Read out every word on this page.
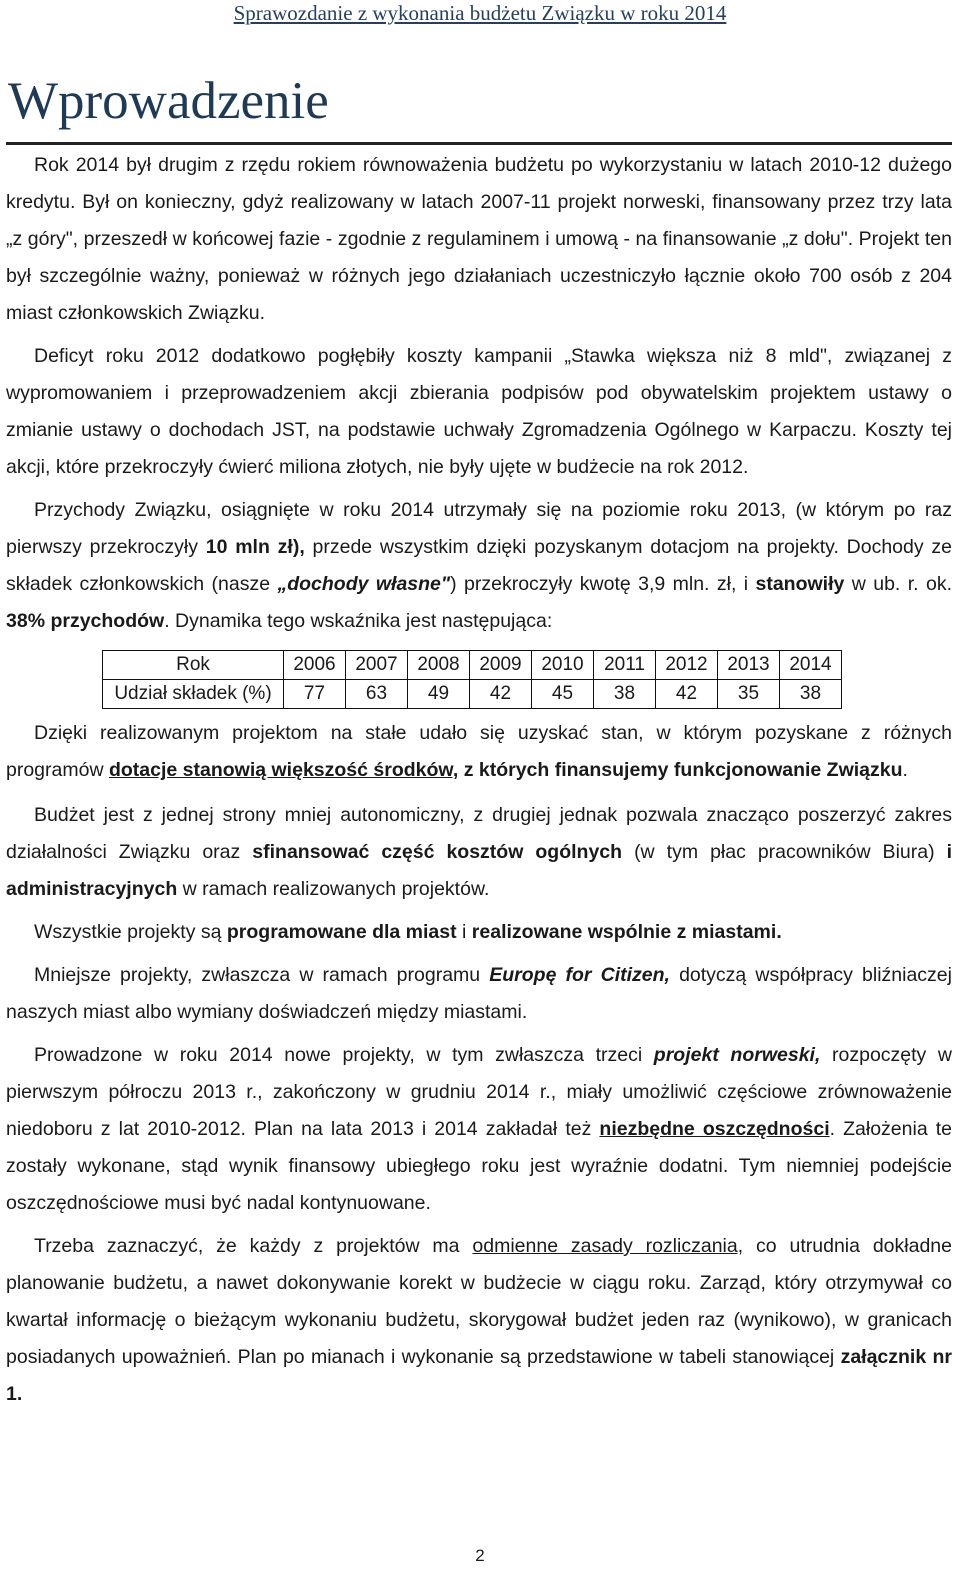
Sprawozdanie z wykonania budżetu Związku w roku 2014
Wprowadzenie

Rok 2014 był drugim z rzędu rokiem równoważenia budżetu po wykorzystaniu w latach 2010-12 dużego kredytu. Był on konieczny, gdyż realizowany w latach 2007-11 projekt norweski, finansowany przez trzy lata „z góry", przeszedł w końcowej fazie - zgodnie z regulaminem i umową - na finansowanie „z dołu". Projekt ten był szczególnie ważny, ponieważ w różnych jego działaniach uczestniczyło łącznie około 700 osób z 204 miast członkowskich Związku.

Deficyt roku 2012 dodatkowo pogłębiły koszty kampanii „Stawka większa niż 8 mld", związanej z wypromowaniem i przeprowadzeniem akcji zbierania podpisów pod obywatelskim projektem ustawy o zmianie ustawy o dochodach JST, na podstawie uchwały Zgromadzenia Ogólnego w Karpaczu. Koszty tej akcji, które przekroczyły ćwierć miliona złotych, nie były ujęte w budżecie na rok 2012.

Przychody Związku, osiągnięte w roku 2014 utrzymały się na poziomie roku 2013, (w którym po raz pierwszy przekroczyły 10 mln zł), przede wszystkim dzięki pozyskanym dotacjom na projekty. Dochody ze składek członkowskich (nasze „dochody własne") przekroczyły kwotę 3,9 mln. zł, i stanowiły w ub. r. ok. 38% przychodów. Dynamika tego wskaźnika jest następująca:

Rok	2006	2007	2008	2009	2010	2011	2012	2013	2014
Udział składek (%)	77	63	49	42	45	38	42	35	38

Dzięki realizowanym projektom na stałe udało się uzyskać stan, w którym pozyskane z różnych programów dotacje stanowią większość środków, z których finansujemy funkcjonowanie Związku.

Budżet jest z jednej strony mniej autonomiczny, z drugiej jednak pozwala znacząco poszerzyć zakres działalności Związku oraz sfinansować część kosztów ogólnych (w tym płac pracowników Biura) i administracyjnych w ramach realizowanych projektów.

Wszystkie projekty są programowane dla miast i realizowane wspólnie z miastami.

Mniejsze projekty, zwłaszcza w ramach programu Europę for Citizen, dotyczą współpracy bliźniaczej naszych miast albo wymiany doświadczeń między miastami.

Prowadzone w roku 2014 nowe projekty, w tym zwłaszcza trzeci projekt norweski, rozpoczęty w pierwszym półroczu 2013 r., zakończony w grudniu 2014 r., miały umożliwić częściowe zrównoważenie niedoboru z lat 2010-2012. Plan na lata 2013 i 2014 zakładał też niezbędne oszczędności. Założenia te zostały wykonane, stąd wynik finansowy ubiegłego roku jest wyraźnie dodatni. Tym niemniej podejście oszczędnościowe musi być nadal kontynuowane.

Trzeba zaznaczyć, że każdy z projektów ma odmienne zasady rozliczania, co utrudnia dokładne planowanie budżetu, a nawet dokonywanie korekt w budżecie w ciągu roku. Zarząd, który otrzymywał co kwartał informację o bieżącym wykonaniu budżetu, skorygował budżet jeden raz (wynikowo), w granicach posiadanych upoważnień. Plan po mianach i wykonanie są przedstawione w tabeli stanowiącej załącznik nr 1.

2
